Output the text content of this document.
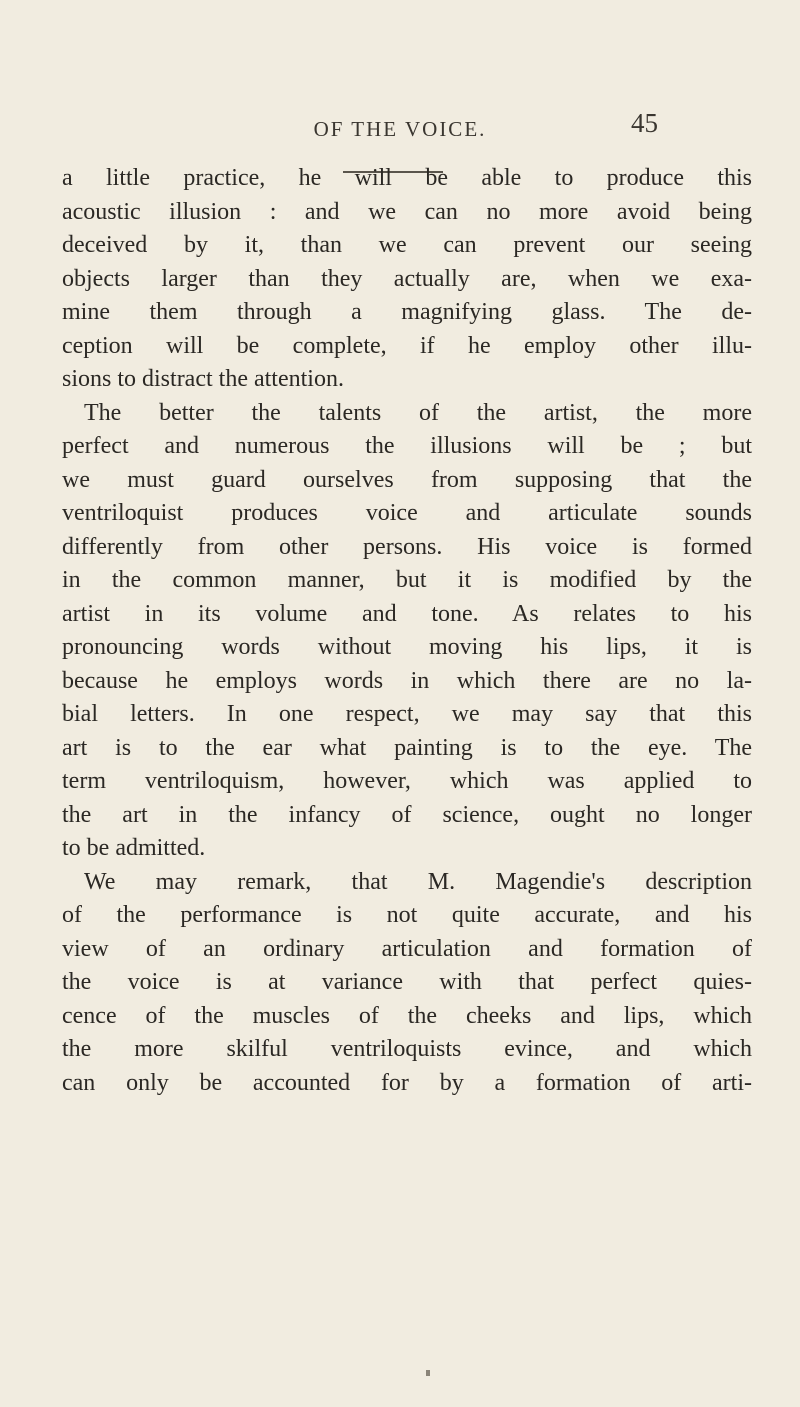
OF THE VOICE.	45
a little practice, he will be able to produce this
acoustic illusion : and we can no more avoid being
deceived by it, than we can prevent our seeing
objects larger than they actually are, when we exa-
mine them through a magnifying glass. The de-
ception will be complete, if he employ other illu-
sions to distract the attention.
The better the talents of the artist, the more
perfect and numerous the illusions will be ; but
we must guard ourselves from supposing that the
ventriloquist produces voice and articulate sounds
differently from other persons. His voice is formed
in the common manner, but it is modified by the
artist in its volume and tone. As relates to his
pronouncing words without moving his lips, it is
because he employs words in which there are no la-
bial letters. In one respect, we may say that this
art is to the ear what painting is to the eye. The
term ventriloquism, however, which was applied to
the art in the infancy of science, ought no longer
to be admitted.
We may remark, that M. Magendie's description
of the performance is not quite accurate, and his
view of an ordinary articulation and formation of
the voice is at variance with that perfect quies-
cence of the muscles of the cheeks and lips, which
the more skilful ventriloquists evince, and which
can only be accounted for by a formation of arti-
